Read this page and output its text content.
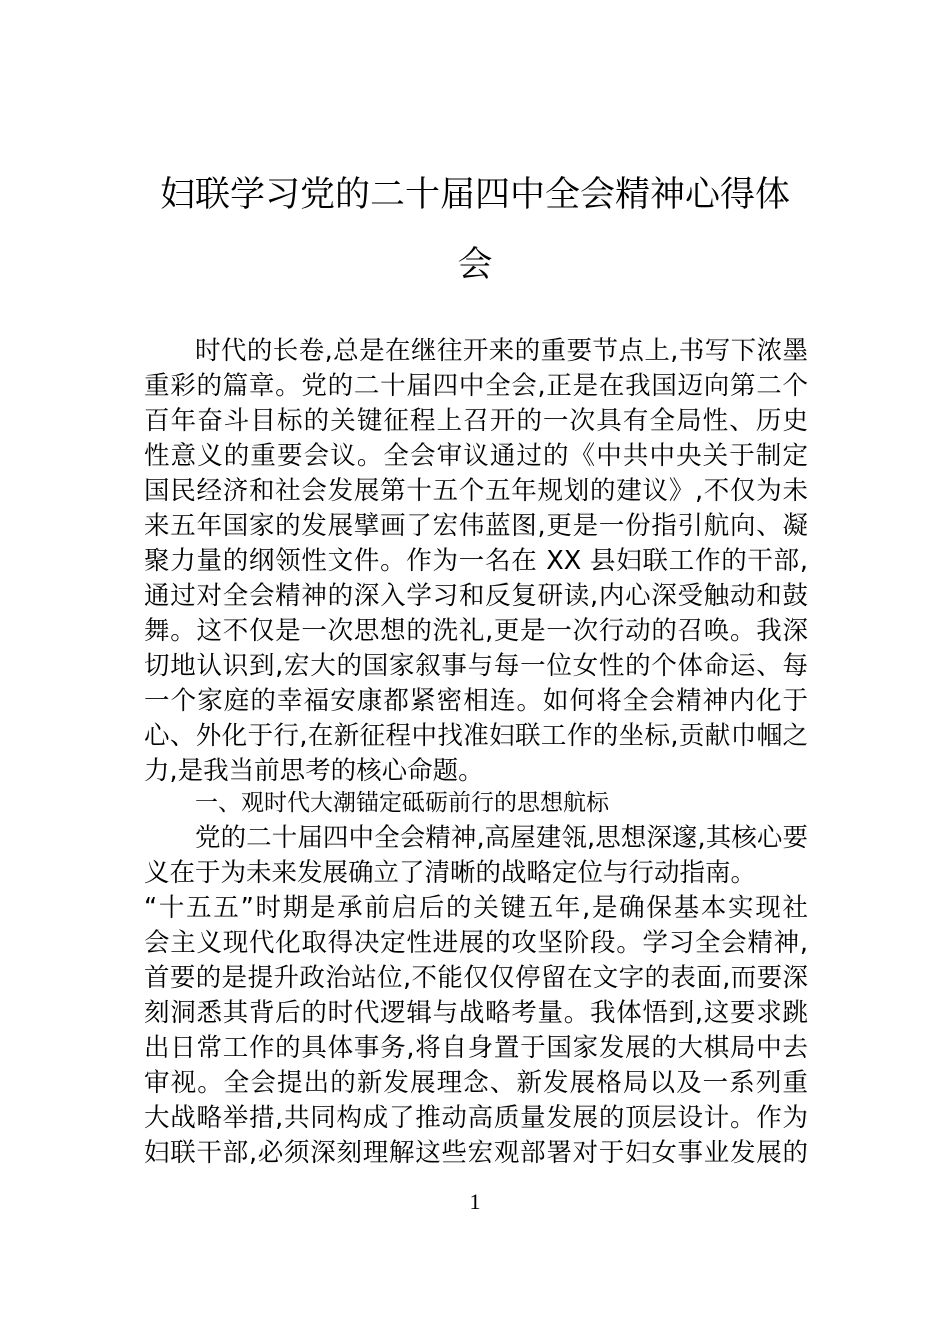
妇联学习党的二十届四中全会精神心得体
会
时代的长卷,总是在继往开来的重要节点上,书写下浓墨
重彩的篇章。党的二十届四中全会,正是在我国迈向第二个
百年奋斗目标的关键征程上召开的一次具有全局性、历史
性意义的重要会议。全会审议通过的《中共中央关于制定
国民经济和社会发展第十五个五年规划的建议》,不仅为未
来五年国家的发展擘画了宏伟蓝图,更是一份指引航向、凝
聚力量的纲领性文件。作为一名在 XX 县妇联工作的干部,
通过对全会精神的深入学习和反复研读,内心深受触动和鼓
舞。这不仅是一次思想的洗礼,更是一次行动的召唤。我深
切地认识到,宏大的国家叙事与每一位女性的个体命运、每
一个家庭的幸福安康都紧密相连。如何将全会精神内化于
心、外化于行,在新征程中找准妇联工作的坐标,贡献巾帼之
力,是我当前思考的核心命题。
一、观时代大潮锚定砥砺前行的思想航标
党的二十届四中全会精神,高屋建瓴,思想深邃,其核心要
义在于为未来发展确立了清晰的战略定位与行动指南。
“十五五”时期是承前启后的关键五年,是确保基本实现社
会主义现代化取得决定性进展的攻坚阶段。学习全会精神,
首要的是提升政治站位,不能仅仅停留在文字的表面,而要深
刻洞悉其背后的时代逻辑与战略考量。我体悟到,这要求跳
出日常工作的具体事务,将自身置于国家发展的大棋局中去
审视。全会提出的新发展理念、新发展格局以及一系列重
大战略举措,共同构成了推动高质量发展的顶层设计。作为
妇联干部,必须深刻理解这些宏观部署对于妇女事业发展的
1
